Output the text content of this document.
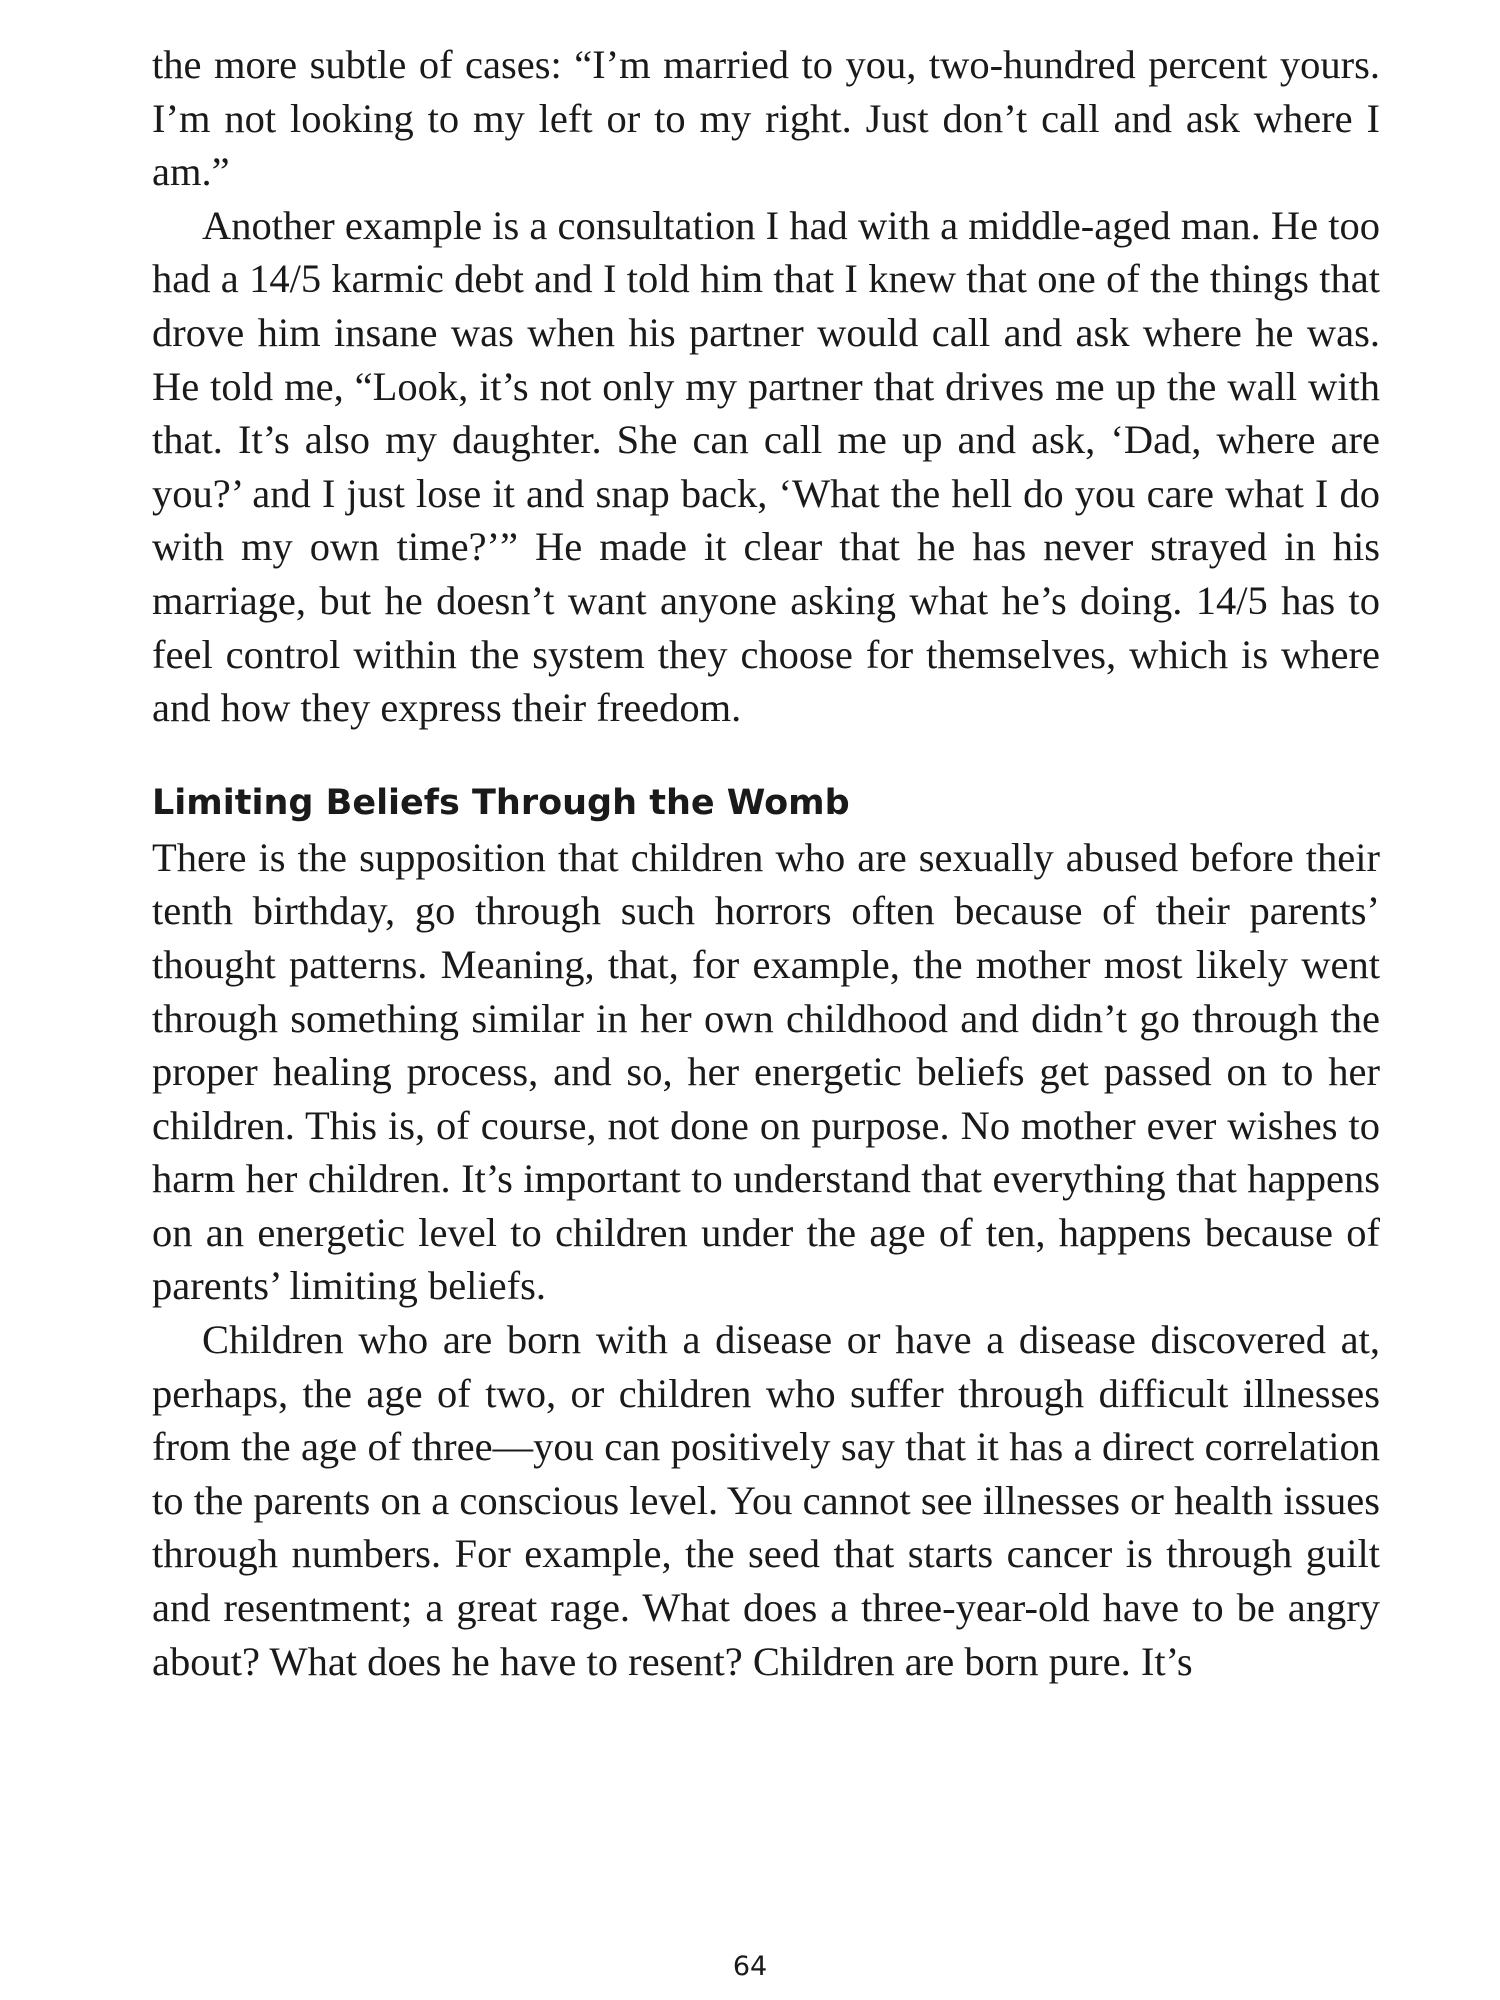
the more subtle of cases: “I’m married to you, two-hundred percent yours. I’m not looking to my left or to my right. Just don’t call and ask where I am.”

Another example is a consultation I had with a middle-aged man. He too had a 14/5 karmic debt and I told him that I knew that one of the things that drove him insane was when his partner would call and ask where he was. He told me, “Look, it’s not only my partner that drives me up the wall with that. It’s also my daughter. She can call me up and ask, ‘Dad, where are you?’ and I just lose it and snap back, ‘What the hell do you care what I do with my own time?’” He made it clear that he has never strayed in his marriage, but he doesn’t want anyone asking what he’s doing. 14/5 has to feel control within the system they choose for themselves, which is where and how they express their freedom.

Limiting Beliefs Through the Womb

There is the supposition that children who are sexually abused before their tenth birthday, go through such horrors often because of their parents’ thought patterns. Meaning, that, for example, the mother most likely went through something similar in her own childhood and didn’t go through the proper healing process, and so, her energetic beliefs get passed on to her children. This is, of course, not done on purpose. No mother ever wishes to harm her children. It’s important to understand that everything that happens on an energetic level to children under the age of ten, happens because of parents’ limiting beliefs.

Children who are born with a disease or have a disease discovered at, perhaps, the age of two, or children who suffer through difficult illnesses from the age of three—you can positively say that it has a direct correlation to the parents on a conscious level. You cannot see illnesses or health issues through numbers. For example, the seed that starts cancer is through guilt and resentment; a great rage. What does a three-year-old have to be angry about? What does he have to resent? Children are born pure. It’s

64
